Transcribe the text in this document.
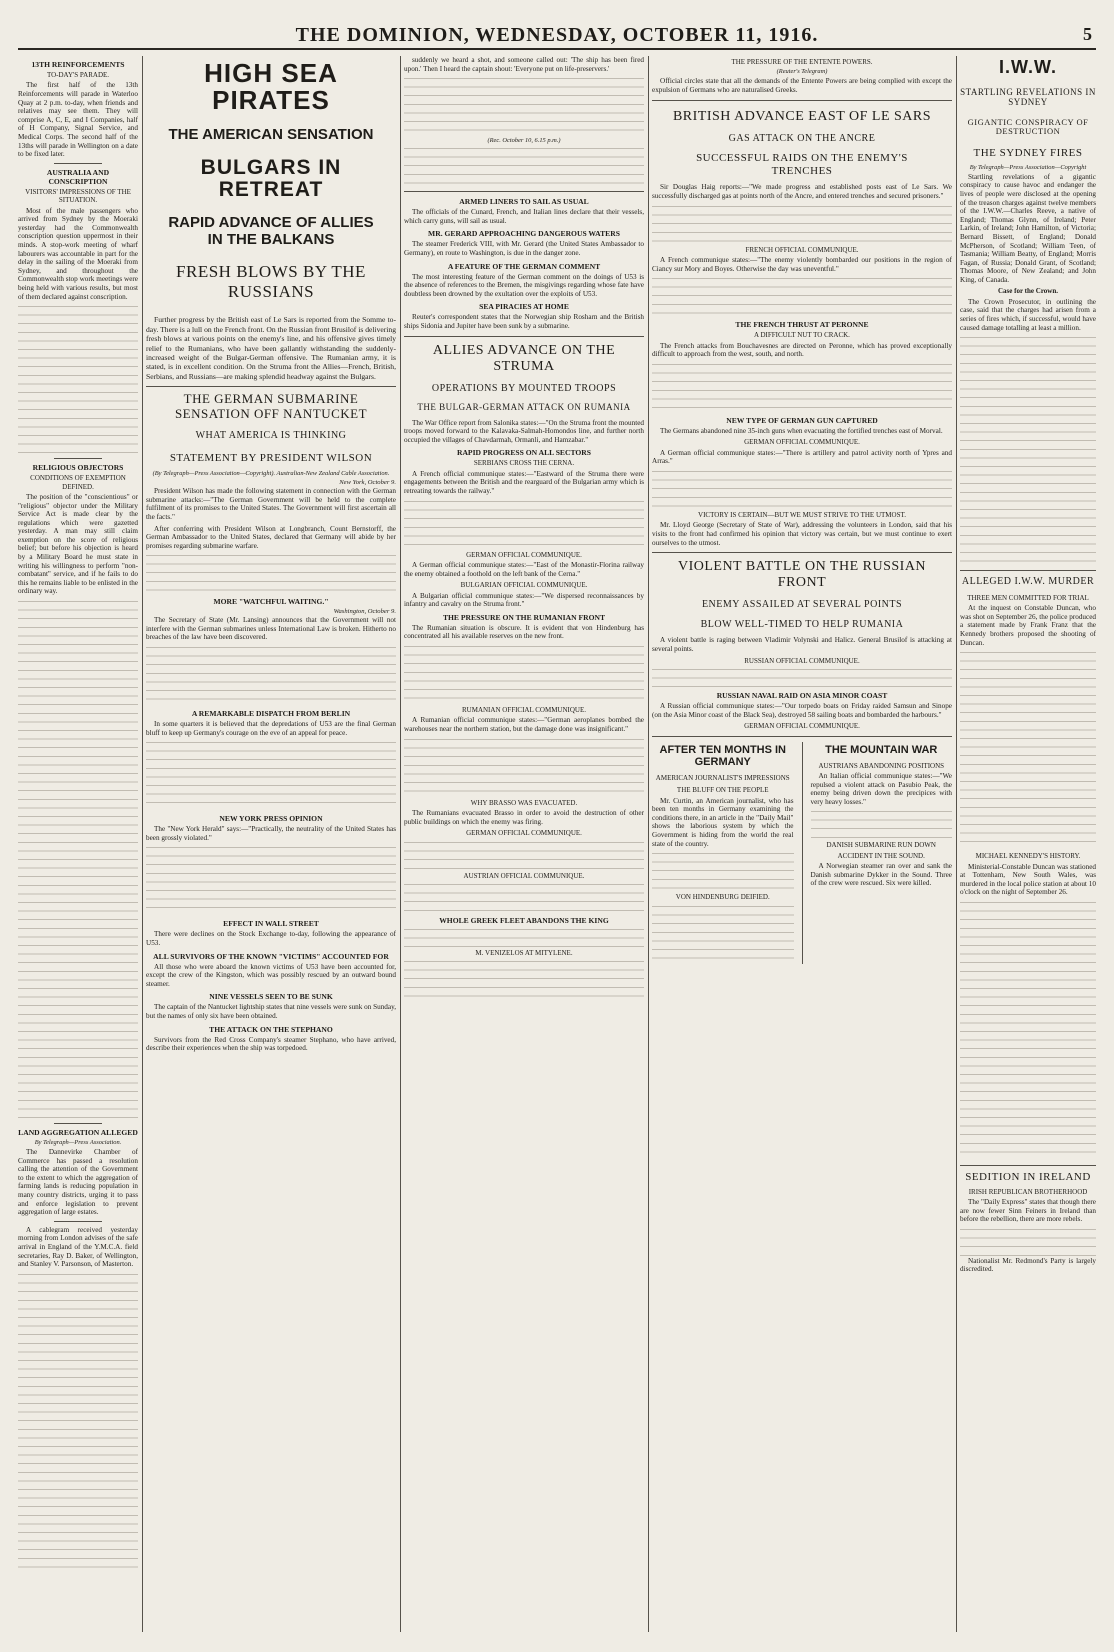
THE DOMINION, WEDNESDAY, OCTOBER 11, 1916.	5
13TH REINFORCEMENTS
TO-DAY'S PARADE.
The first half of the 13th Reinforcements will parade in Waterloo Quay at 2 p.m. to-day, when friends and relatives may see them. They will comprise A, C, E, and I Companies, half of H Company, Signal Service, and Medical Corps. The second half of the 13ths will parade in Wellington on a date to be fixed later.
AUSTRALIA AND CONSCRIPTION
VISITORS' IMPRESSIONS OF THE SITUATION.
Most of the male passengers who arrived from Sydney by the Moeraki yesterday had the Commonwealth conscription question uppermost in their minds. A stop-work meeting of wharf labourers was accountable in part for the delay in the sailing of the Moeraki from Sydney, and throughout the Commonwealth stop work meetings were being held with various results, but most of them declared against conscription.
RELIGIOUS OBJECTORS
CONDITIONS OF EXEMPTION DEFINED.
The position of the "conscientious" or "religious" objector under the Military Service Act is made clear by the regulations which were gazetted yesterday. A man may still claim exemption on the score of religious belief; but before his objection is heard by a Military Board he must state in writing his willingness to perform "non-combatant" service, and if he fails to do this he remains liable to be enlisted in the ordinary way.
LAND AGGREGATION ALLEGED
By Telegraph—Press Association.
The Dannevirke Chamber of Commerce has passed a resolution calling the attention of the Government to the extent to which the aggregation of farming lands is reducing population in many country districts, urging it to pass and enforce legislation to prevent aggregation of large estates.
A cablegram received yesterday morning from London advises of the safe arrival in England of the Y.M.C.A. field secretaries, Ray D. Baker, of Wellington, and Stanley V. Parsonson, of Masterton.
HIGH SEA PIRATES
THE AMERICAN SENSATION
BULGARS IN RETREAT
RAPID ADVANCE OF ALLIES IN THE BALKANS
FRESH BLOWS BY THE RUSSIANS
Further progress by the British east of Le Sars is reported from the Somme to-day. There is a lull on the French front. On the Russian front Brusilof is delivering fresh blows at various points on the enemy's line, and his offensive gives timely relief to the Rumanians, who have been gallantly withstanding the suddenly-increased weight of the Bulgar-German offensive. The Rumanian army, it is stated, is in excellent condition. On the Struma front the Allies—French, British, Serbians, and Russians—are making splendid headway against the Bulgars.
THE GERMAN SUBMARINE SENSATION OFF NANTUCKET
WHAT AMERICA IS THINKING
STATEMENT BY PRESIDENT WILSON
(By Telegraph—Press Association—Copyright). Australian-New Zealand Cable Association.
New York, October 9.
President Wilson has made the following statement in connection with the German submarine attacks:—"The German Government will be held to the complete fulfilment of its promises to the United States. The Government will first ascertain all the facts."
After conferring with President Wilson at Longbranch, Count Bernstorff, the German Ambassador to the United States, declared that Germany will abide by her promises regarding submarine warfare.
MORE "WATCHFUL WAITING."
Washington, October 9.
The Secretary of State (Mr. Lansing) announces that the Government will not interfere with the German submarines unless International Law is broken. Hitherto no breaches of the law have been discovered.
A REMARKABLE DISPATCH FROM BERLIN
In some quarters it is believed that the depredations of U53 are the final German bluff to keep up Germany's courage on the eve of an appeal for peace.
NEW YORK PRESS OPINION
The "New York Herald" says:—"Practically, the neutrality of the United States has been grossly violated."
EFFECT IN WALL STREET
There were declines on the Stock Exchange to-day, following the appearance of U53.
ALL SURVIVORS OF THE KNOWN "VICTIMS" ACCOUNTED FOR
All those who were aboard the known victims of U53 have been accounted for, except the crew of the Kingston, which was possibly rescued by an outward bound steamer.
NINE VESSELS SEEN TO BE SUNK
The captain of the Nantucket lightship states that nine vessels were sunk on Sunday, but the names of only six have been obtained.
THE ATTACK ON THE STEPHANO
Survivors from the Red Cross Company's steamer Stephano, who have arrived, describe their experiences when the ship was torpedoed.
suddenly we heard a shot, and someone called out: 'The ship has been fired upon.' Then I heard the captain shout: 'Everyone put on life-preservers.'
(Rec. October 10, 6.15 p.m.)
ARMED LINERS TO SAIL AS USUAL
The officials of the Cunard, French, and Italian lines declare that their vessels, which carry guns, will sail as usual.
MR. GERARD APPROACHING DANGEROUS WATERS
The steamer Frederick VIII, with Mr. Gerard (the United States Ambassador to Germany), en route to Washington, is due in the danger zone.
A FEATURE OF THE GERMAN COMMENT
The most interesting feature of the German comment on the doings of U53 is the absence of references to the Bremen, the misgivings regarding whose fate have doubtless been drowned by the exultation over the exploits of U53.
SEA PIRACIES AT HOME
Reuter's correspondent states that the Norwegian ship Rosharn and the British ships Sidonia and Jupiter have been sunk by a submarine.
ALLIES ADVANCE ON THE STRUMA
OPERATIONS BY MOUNTED TROOPS
THE BULGAR-GERMAN ATTACK ON RUMANIA
The War Office report from Salonika states:—"On the Struma front the mounted troops moved forward to the Kalavaka-Salmah-Homondos line, and further north occupied the villages of Chavdarmah, Ormanli, and Hamzabar."
RAPID PROGRESS ON ALL SECTORS
SERBIANS CROSS THE CERNA.
A French official communique states:—"Eastward of the Struma there were engagements between the British and the rearguard of the Bulgarian army which is retreating towards the railway."
GERMAN OFFICIAL COMMUNIQUE.
A German official communique states:—"East of the Monastir-Florina railway the enemy obtained a foothold on the left bank of the Cerna."
BULGARIAN OFFICIAL COMMUNIQUE.
A Bulgarian official communique states:—"We dispersed reconnaissances by infantry and cavalry on the Struma front."
THE PRESSURE ON THE RUMANIAN FRONT
The Rumanian situation is obscure. It is evident that von Hindenburg has concentrated all his available reserves on the new front.
RUMANIAN OFFICIAL COMMUNIQUE.
A Rumanian official communique states:—"German aeroplanes bombed the warehouses near the northern station, but the damage done was insignificant."
WHY BRASSO WAS EVACUATED.
The Rumanians evacuated Brasso in order to avoid the destruction of other public buildings on which the enemy was firing.
GERMAN OFFICIAL COMMUNIQUE.
AUSTRIAN OFFICIAL COMMUNIQUE.
WHOLE GREEK FLEET ABANDONS THE KING
M. VENIZELOS AT MITYLENE.
THE PRESSURE OF THE ENTENTE POWERS.
(Reuter's Telegram)
Official circles state that all the demands of the Entente Powers are being complied with except the expulsion of Germans who are naturalised Greeks.
BRITISH ADVANCE EAST OF LE SARS
GAS ATTACK ON THE ANCRE
SUCCESSFUL RAIDS ON THE ENEMY'S TRENCHES
Sir Douglas Haig reports:—"We made progress and established posts east of Le Sars. We successfully discharged gas at points north of the Ancre, and entered trenches and secured prisoners."
FRENCH OFFICIAL COMMUNIQUE.
A French communique states:—"The enemy violently bombarded our positions in the region of Ciancy sur Mory and Boyes. Otherwise the day was uneventful."
THE FRENCH THRUST AT PERONNE
A DIFFICULT NUT TO CRACK.
The French attacks from Bouchavesnes are directed on Peronne, which has proved exceptionally difficult to approach from the west, south, and north.
NEW TYPE OF GERMAN GUN CAPTURED
The Germans abandoned nine 35-inch guns when evacuating the fortified trenches east of Morval.
GERMAN OFFICIAL COMMUNIQUE.
A German official communique states:—"There is artillery and patrol activity north of Ypres and Arras."
VICTORY IS CERTAIN—BUT WE MUST STRIVE TO THE UTMOST.
Mr. Lloyd George (Secretary of State of War), addressing the volunteers in London, said that his visits to the front had confirmed his opinion that victory was certain, but we must continue to exert ourselves to the utmost.
VIOLENT BATTLE ON THE RUSSIAN FRONT
ENEMY ASSAILED AT SEVERAL POINTS
BLOW WELL-TIMED TO HELP RUMANIA
A violent battle is raging between Vladimir Volynski and Halicz. General Brusilof is attacking at several points.
RUSSIAN OFFICIAL COMMUNIQUE.
RUSSIAN NAVAL RAID ON ASIA MINOR COAST
A Russian official communique states:—"Our torpedo boats on Friday raided Samsun and Sinope (on the Asia Minor coast of the Black Sea), destroyed 58 sailing boats and bombarded the harbours."
GERMAN OFFICIAL COMMUNIQUE.
AFTER TEN MONTHS IN GERMANY
AMERICAN JOURNALIST'S IMPRESSIONS
THE BLUFF ON THE PEOPLE
Mr. Curtin, an American journalist, who has been ten months in Germany examining the conditions there, in an article in the "Daily Mail" shows the laborious system by which the Government is hiding from the world the real state of the country.
VON HINDENBURG DEIFIED.
THE MOUNTAIN WAR
AUSTRIANS ABANDONING POSITIONS
An Italian official communique states:—"We repulsed a violent attack on Pasubio Peak, the enemy being driven down the precipices with very heavy losses."
DANISH SUBMARINE RUN DOWN
ACCIDENT IN THE SOUND.
A Norwegian steamer ran over and sank the Danish submarine Dykker in the Sound. Three of the crew were rescued. Six were killed.
I.W.W.
STARTLING REVELATIONS IN SYDNEY
GIGANTIC CONSPIRACY OF DESTRUCTION
THE SYDNEY FIRES
By Telegraph—Press Association—Copyright
Startling revelations of a gigantic conspiracy to cause havoc and endanger the lives of people were disclosed at the opening of the treason charges against twelve members of the I.W.W.—Charles Reeve, a native of England; Thomas Glynn, of Ireland; Peter Larkin, of Ireland; John Hamilton, of Victoria; Bernard Bissett, of England; Donald McPherson, of Scotland; William Teen, of Tasmania; William Beatty, of England; Morris Fagan, of Russia; Donald Grant, of Scotland; Thomas Moore, of New Zealand; and John King, of Canada.
Case for the Crown.
The Crown Prosecutor, in outlining the case, said that the charges had arisen from a series of fires which, if successful, would have caused damage totalling at least a million.
ALLEGED I.W.W. MURDER
THREE MEN COMMITTED FOR TRIAL
At the inquest on Constable Duncan, who was shot on September 26, the police produced a statement made by Frank Franz that the Kennedy brothers proposed the shooting of Duncan.
MICHAEL KENNEDY'S HISTORY.
Ministerial-Constable Duncan was stationed at Tottenham, New South Wales, was murdered in the local police station at about 10 o'clock on the night of September 26.
SEDITION IN IRELAND
IRISH REPUBLICAN BROTHERHOOD
The "Daily Express" states that though there are now fewer Sinn Feiners in Ireland than before the rebellion, there are more rebels.
Nationalist Mr. Redmond's Party is largely discredited.
